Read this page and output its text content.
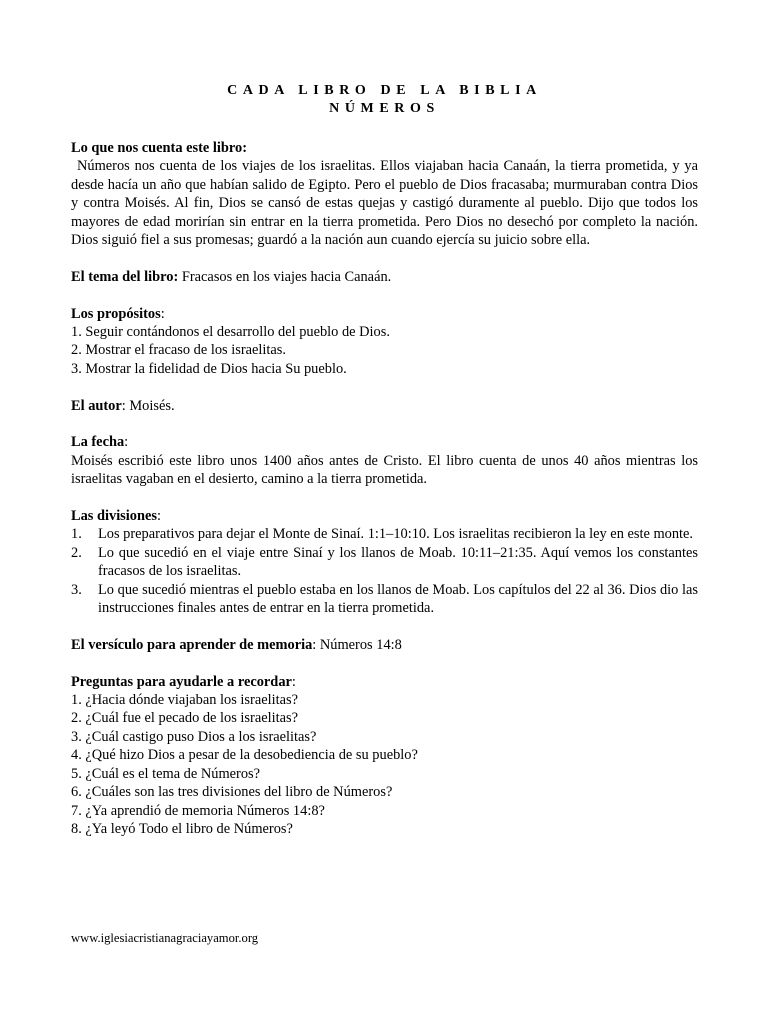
CADA LIBRO DE LA BIBLIA
NÚMEROS

Lo que nos cuenta este libro:

Números nos cuenta de los viajes de los israelitas. Ellos viajaban hacia Canaán, la tierra prometida, y ya desde hacía un año que habían salido de Egipto. Pero el pueblo de Dios fracasaba; murmuraban contra Dios y contra Moisés. Al fin, Dios se cansó de estas quejas y castigó duramente al pueblo. Dijo que todos los mayores de edad morirían sin entrar en la tierra prometida. Pero Dios no desechó por completo la nación. Dios siguió fiel a sus promesas; guardó a la nación aun cuando ejercía su juicio sobre ella.

El tema del libro: Fracasos en los viajes hacia Canaán.

Los propósitos:

1. Seguir contándonos el desarrollo del pueblo de Dios.
2. Mostrar el fracaso de los israelitas.
3. Mostrar la fidelidad de Dios hacia Su pueblo.

El autor: Moisés.

La fecha:

Moisés escribió este libro unos 1400 años antes de Cristo. El libro cuenta de unos 40 años mientras los israelitas vagaban en el desierto, camino a la tierra prometida.

Las divisiones:

1. Los preparativos para dejar el Monte de Sinaí. 1:1–10:10. Los israelitas recibieron la ley en este monte.
2. Lo que sucedió en el viaje entre Sinaí y los llanos de Moab. 10:11–21:35. Aquí vemos los constantes fracasos de los israelitas.
3. Lo que sucedió mientras el pueblo estaba en los llanos de Moab. Los capítulos del 22 al 36. Dios dio las instrucciones finales antes de entrar en la tierra prometida.

El versículo para aprender de memoria: Números 14:8

Preguntas para ayudarle a recordar:

1. ¿Hacia dónde viajaban los israelitas?
2. ¿Cuál fue el pecado de los israelitas?
3. ¿Cuál castigo puso Dios a los israelitas?
4. ¿Qué hizo Dios a pesar de la desobediencia de su pueblo?
5. ¿Cuál es el tema de Números?
6. ¿Cuáles son las tres divisiones del libro de Números?
7. ¿Ya aprendió de memoria Números 14:8?
8. ¿Ya leyó Todo el libro de Números?
www.iglesiacristianagraciayamor.org
